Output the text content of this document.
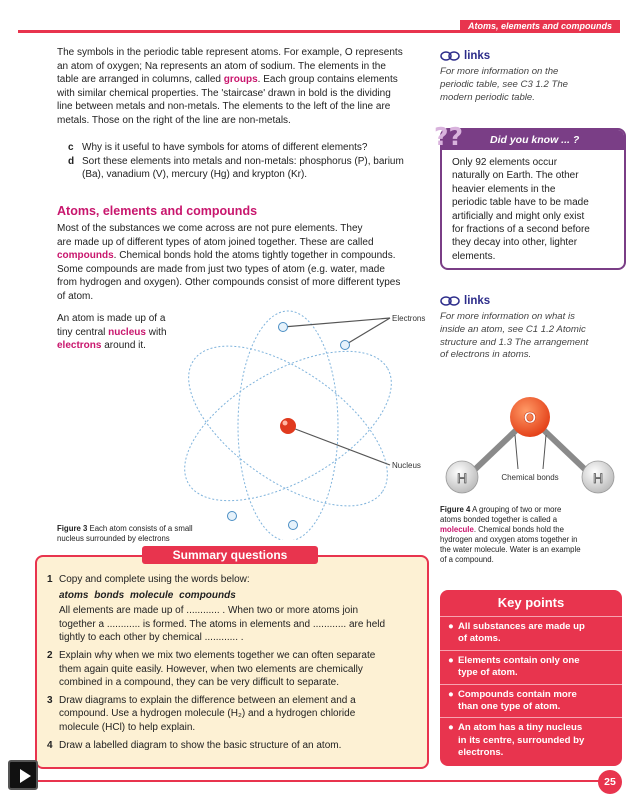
Atoms, elements and compounds
The symbols in the periodic table represent atoms. For example, O represents
an atom of oxygen; Na represents an atom of sodium. The elements in the
table are arranged in columns, called groups. Each group contains elements
with similar chemical properties. The 'staircase' drawn in bold is the dividing
line between metals and non-metals. The elements to the left of the line are
metals. Those on the right of the line are non-metals.
c Why is it useful to have symbols for atoms of different elements?
d Sort these elements into metals and non-metals: phosphorus (P), barium
(Ba), vanadium (V), mercury (Hg) and krypton (Kr).
Atoms, elements and compounds
Most of the substances we come across are not pure elements. They
are made up of different types of atom joined together. These are called
compounds. Chemical bonds hold the atoms tightly together in compounds.
Some compounds are made from just two types of atom (e.g. water, made
from hydrogen and oxygen). Other compounds consist of more different types
of atom.
An atom is made up of a
tiny central nucleus with
electrons around it.
Electrons
Nucleus
Figure 3 Each atom consists of a small
nucleus surrounded by electrons
links
For more information on the
periodic table, see C3 1.2 The
modern periodic table.
Did you know ... ?
??
Only 92 elements occur
naturally on Earth. The other
heavier elements in the
periodic table have to be made
artificially and might only exist
for fractions of a second before
they decay into other, lighter
elements.
links
For more information on what is
inside an atom, see C1 1.2 Atomic
structure and 1.3 The arrangement
of electrons in atoms.
O
H	H
Chemical bonds
Figure 4 A grouping of two or more
atoms bonded together is called a
molecule. Chemical bonds hold the
hydrogen and oxygen atoms together in
the water molecule. Water is an example
of a compound.
Summary questions
1 Copy and complete using the words below:
atoms bonds molecule compounds
All elements are made up of ............ . When two or more atoms join
together a ............ is formed. The atoms in elements and ............ are held
tightly to each other by chemical ............ .
2 Explain why when we mix two elements together we can often separate
them again quite easily. However, when two elements are chemically
combined in a compound, they can be very difficult to separate.
3 Draw diagrams to explain the difference between an element and a
compound. Use a hydrogen molecule (H₂) and a hydrogen chloride
molecule (HCl) to help explain.
4 Draw a labelled diagram to show the basic structure of an atom.
Key points
● All substances are made up
of atoms.
● Elements contain only one
type of atom.
● Compounds contain more
than one type of atom.
● An atom has a tiny nucleus
in its centre, surrounded by
electrons.
25
